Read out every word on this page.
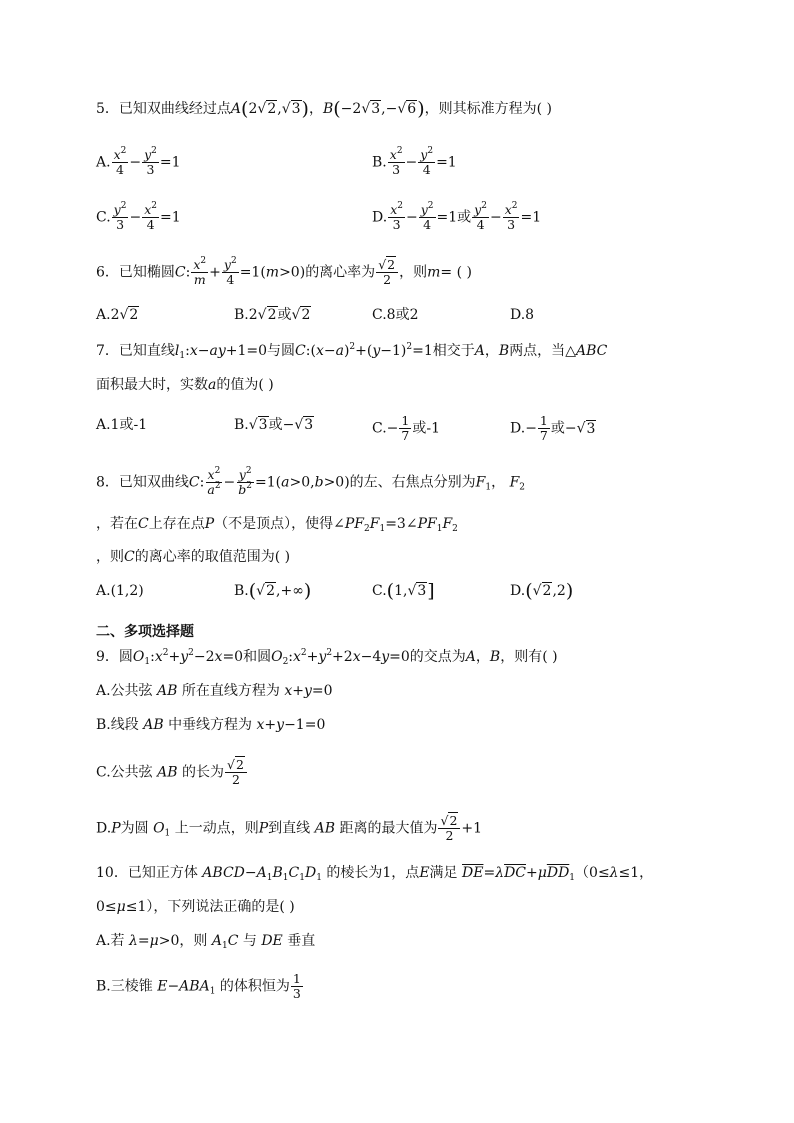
5．已知双曲线经过点A(2√2,√3)，B(−2√3,−√6)，则其标准方程为( )
A. $\frac{x^2}{4} - \frac{y^2}{3} =1$	B. $\frac{x^2}{3} - \frac{y^2}{4} =1$
C. $\frac{y^2}{3} - \frac{x^2}{4} =1$	D. $\frac{x^2}{3} - \frac{y^2}{4} =1$或 $\frac{y^2}{4} - \frac{x^2}{3} =1$
6．已知椭圆C: $\frac{x^2}{m} + \frac{y^2}{4} =1(m>0)$的离心率为 $\frac{√2}{2}$ ，则m= ( )
A.2√2	B.2√2或√2	C.8或2	D.8
7．已知直线$l_1:x-ay+1=0$与圆$C:(x-a)^2+(y-1)^2=1$相交于A，B两点，当△ABC
面积最大时，实数a的值为( )
A.1或-1	B.√3或−√3	$C.- \frac{1}{7}$ 或-1	$D.- \frac{1}{7}$ 或−√3
8．已知双曲线C: $\frac{x^2}{a^2} - \frac{y^2}{b^2} =1(a>0,b>0)$的左、右焦点分别为$F_1$， $F_2$
，若在C上存在点P（不是顶点），使得$\angle PF_2F_1=3\angle PF_1F_2$
，则C的离心率的取值范围为( )
A.(1,2)	B.(√2,+∞)	C.(1,√3]	D.(√2,2)
二、多项选择题
9．圆$O_1:x^2+y^2-2x=0$和圆$O_2:x^2+y^2+2x-4y=0$的交点为A，B，则有( )
A.公共弦 AB 所在直线方程为 x+y=0
B.线段 AB 中垂线方程为 x+y−1=0
C.公共弦 AB 的长为 $\frac{√2}{2}$
D.P为圆 $O_1$ 上一动点，则P到直线 AB 距离的最大值为 $\frac{√2}{2} +1$
10．已知正方体 $ABCD-A_1B_1C_1D_1$ 的棱长为1，点E满足 $\overline{DE}=\lambda\overline{DC}+\mu\overline{DD}_1(0\le\lambda\le 1$，
0≤μ≤1），下列说法正确的是( )
A.若 λ=μ>0，则 $A_1C$ 与 DE 垂直
B.三棱锥 $E-ABA_1$ 的体积恒为 $\frac{1}{3}$
